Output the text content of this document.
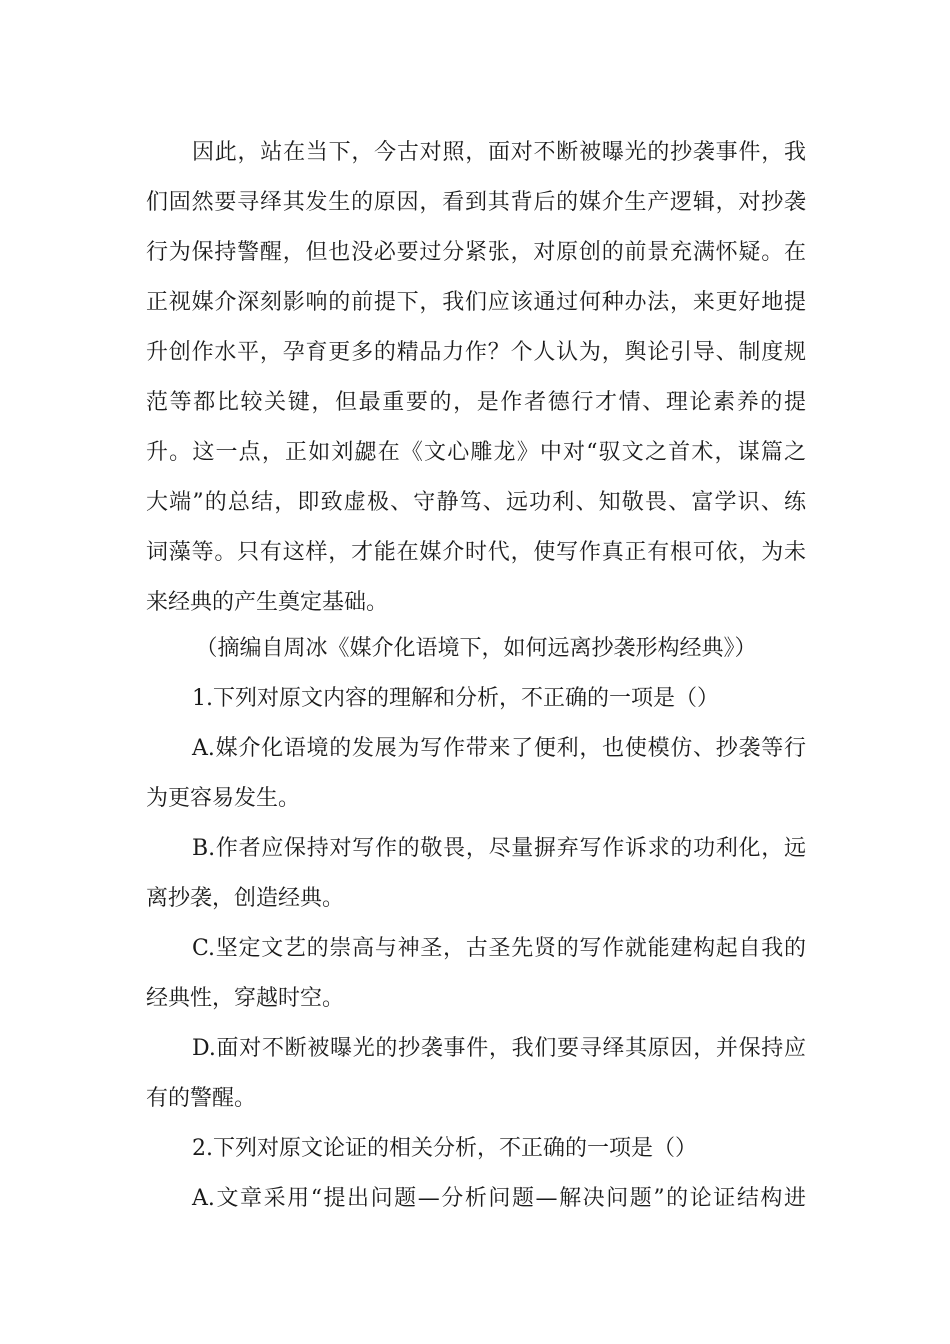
因此，站在当下，今古对照，面对不断被曝光的抄袭事件，我
们固然要寻绎其发生的原因，看到其背后的媒介生产逻辑，对抄袭
行为保持警醒，但也没必要过分紧张，对原创的前景充满怀疑。在
正视媒介深刻影响的前提下，我们应该通过何种办法，来更好地提
升创作水平，孕育更多的精品力作？个人认为，舆论引导、制度规
范等都比较关键，但最重要的，是作者德行才情、理论素养的提
升。这一点，正如刘勰在《文心雕龙》中对“驭文之首术，谋篇之
大端”的总结，即致虚极、守静笃、远功利、知敬畏、富学识、练
词藻等。只有这样，才能在媒介时代，使写作真正有根可依，为未
来经典的产生奠定基础。
（摘编自周冰《媒介化语境下，如何远离抄袭形构经典》）
1.下列对原文内容的理解和分析，不正确的一项是（）
A.媒介化语境的发展为写作带来了便利，也使模仿、抄袭等行
为更容易发生。
B.作者应保持对写作的敬畏，尽量摒弃写作诉求的功利化，远
离抄袭，创造经典。
C.坚定文艺的崇高与神圣，古圣先贤的写作就能建构起自我的
经典性，穿越时空。
D.面对不断被曝光的抄袭事件，我们要寻绎其原因，并保持应
有的警醒。
2.下列对原文论证的相关分析，不正确的一项是（）
A.文章采用“提出问题—分析问题—解决问题”的论证结构进
